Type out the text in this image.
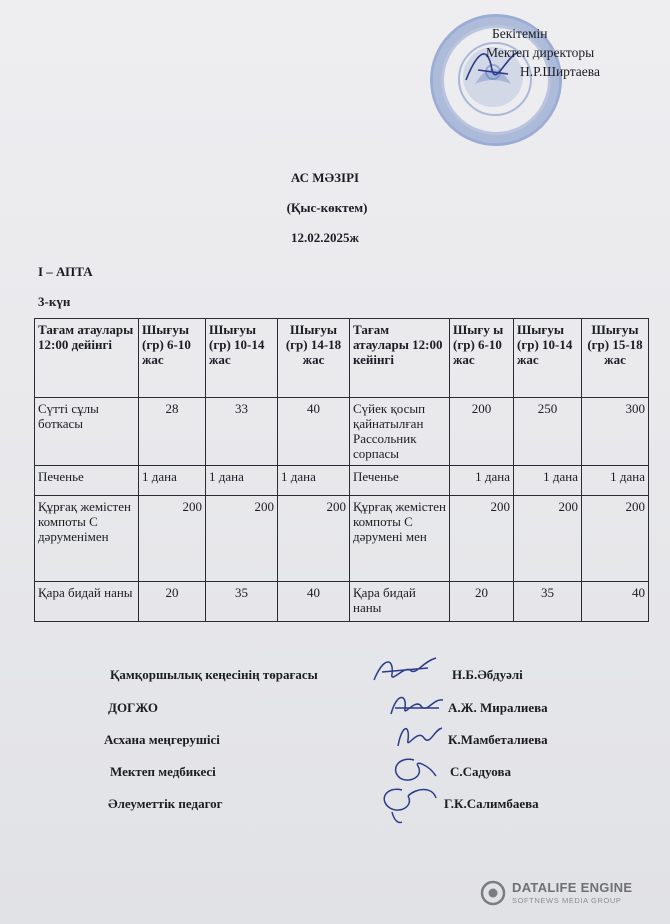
Бекітемін
Мектеп директоры
Н.Р.Ширтаева
АС МӘЗІРІ
(Қыс-көктем)
12.02.2025ж
I – АПТА
3-күн
Тағам атаулары 12:00 дейінгі	Шығуы (гр) 6-10 жас	Шығуы (гр) 10-14 жас	Шығуы (гр) 14-18 жас	Тағам атаулары 12:00 кейінгі	Шығу ы (гр) 6-10 жас	Шығуы (гр) 10-14 жас	Шығуы (гр) 15-18 жас
Сүтті сұлы боткасы	28	33	40	Сүйек қосып қайнатылған Рассольник сорпасы	200	250	300
Печенье	1 дана	1 дана	1 дана	Печенье	1 дана	1 дана	1 дана
Құрғақ жемістен компоты С дәруменімен	200	200	200	Құрғақ жемістен компоты С дәрумені мен	200	200	200
Қара бидай наны	20	35	40	Қара бидай наны	20	35	40
Қамқоршылық кеңесінің төрағасы	Н.Б.Әбдуәлі
ДОГЖО	А.Ж. Миралиева
Асхана меңгерушісі	К.Мамбеталиева
Мектеп медбикесі	С.Садуова
Әлеуметтік педагог	Г.К.Салимбаева
DATALIFE ENGINE
SOFTNEWS MEDIA GROUP
